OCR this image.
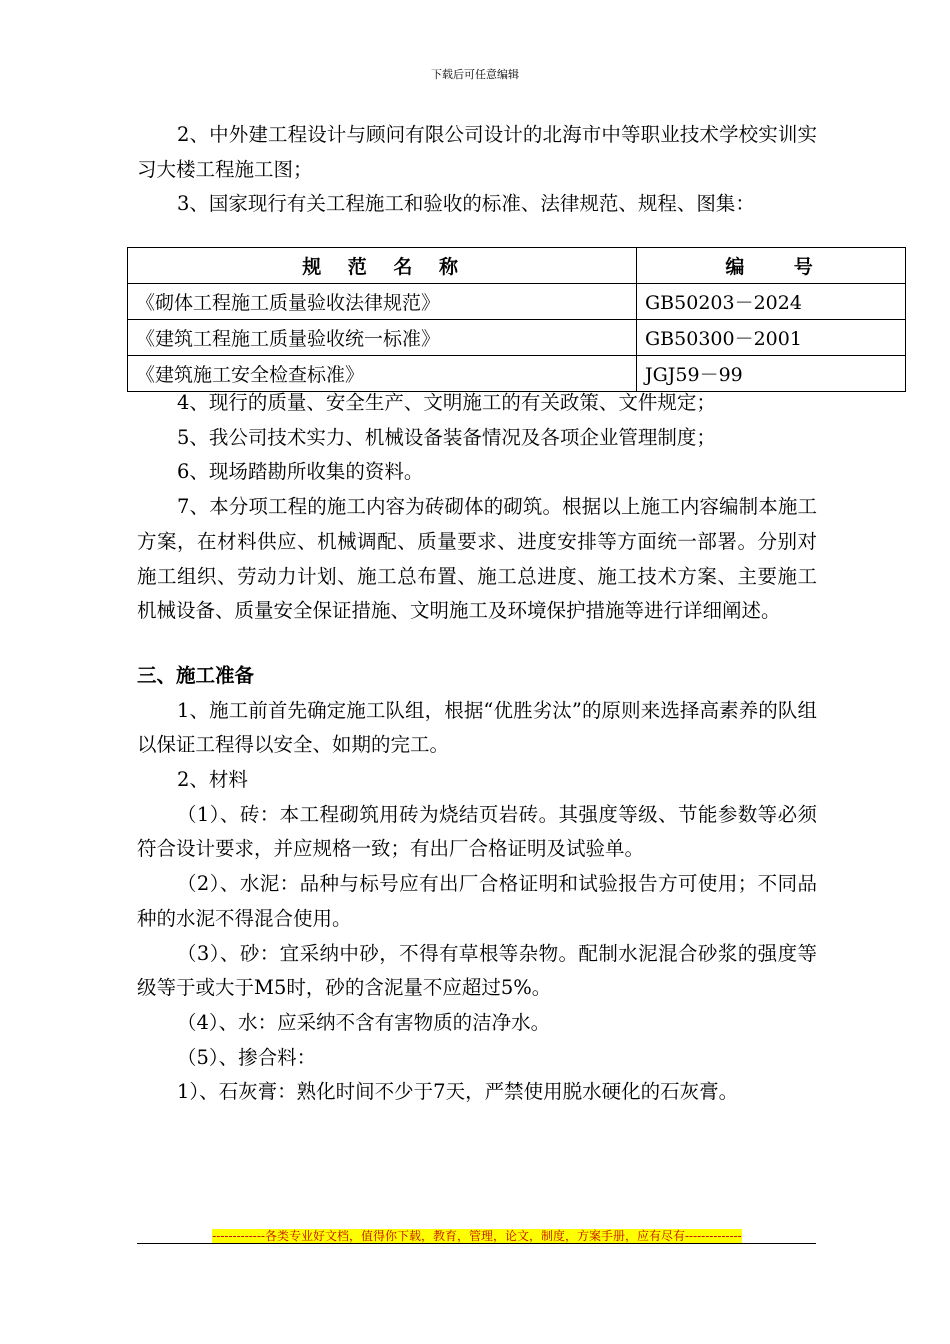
下载后可任意编辑

2、中外建工程设计与顾问有限公司设计的北海市中等职业技术学校实训实习大楼工程施工图；

3、国家现行有关工程施工和验收的标准、法律规范、规程、图集：

规　范　名　称	编　　号
《砌体工程施工质量验收法律规范》	GB50203－2024
《建筑工程施工质量验收统一标准》	GB50300－2001
《建筑施工安全检查标准》	JGJ59－99

4、现行的质量、安全生产、文明施工的有关政策、文件规定；

5、我公司技术实力、机械设备装备情况及各项企业管理制度；

6、现场踏勘所收集的资料。

7、本分项工程的施工内容为砖砌体的砌筑。根据以上施工内容编制本施工方案，在材料供应、机械调配、质量要求、进度安排等方面统一部署。分别对施工组织、劳动力计划、施工总布置、施工总进度、施工技术方案、主要施工机械设备、质量安全保证措施、文明施工及环境保护措施等进行详细阐述。

三、施工准备

1、施工前首先确定施工队组，根据“优胜劣汰”的原则来选择高素养的队组以保证工程得以安全、如期的完工。

2、材料

（1）、砖：本工程砌筑用砖为烧结页岩砖。其强度等级、节能参数等必须符合设计要求，并应规格一致；有出厂合格证明及试验单。

（2）、水泥：品种与标号应有出厂合格证明和试验报告方可使用；不同品种的水泥不得混合使用。

（3）、砂：宜采纳中砂，不得有草根等杂物。配制水泥混合砂浆的强度等级等于或大于M5时，砂的含泥量不应超过5%。

（4）、水：应采纳不含有害物质的洁净水。

（5）、掺合料：

1）、石灰膏：熟化时间不少于7天，严禁使用脱水硬化的石灰膏。

-------------各类专业好文档，值得你下载，教育，管理，论文，制度，方案手册，应有尽有--------------
